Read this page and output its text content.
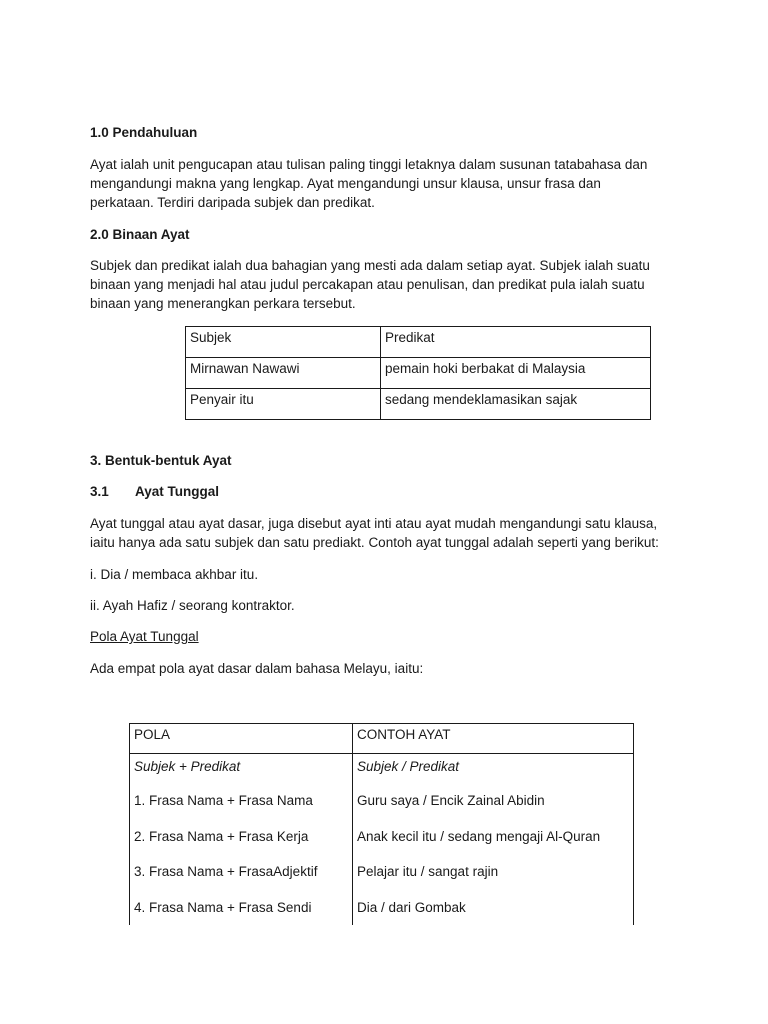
1.0 Pendahuluan
Ayat ialah unit pengucapan atau tulisan paling tinggi letaknya dalam susunan tatabahasa dan
mengandungi makna yang lengkap. Ayat mengandungi unsur klausa, unsur frasa dan
perkataan. Terdiri daripada subjek dan predikat.
2.0 Binaan Ayat
Subjek dan predikat ialah dua bahagian yang mesti ada dalam setiap ayat. Subjek ialah suatu
binaan yang menjadi hal atau judul percakapan atau penulisan, dan predikat pula ialah suatu
binaan yang menerangkan perkara tersebut.
Subjek	Predikat
Mirnawan Nawawi	pemain hoki berbakat di Malaysia
Penyair itu	sedang mendeklamasikan sajak
3. Bentuk-bentuk Ayat
3.1 Ayat Tunggal
Ayat tunggal atau ayat dasar, juga disebut ayat inti atau ayat mudah mengandungi satu klausa,
iaitu hanya ada satu subjek dan satu prediakt. Contoh ayat tunggal adalah seperti yang berikut:
i. Dia / membaca akhbar itu.
ii. Ayah Hafiz / seorang kontraktor.
Pola Ayat Tunggal
Ada empat pola ayat dasar dalam bahasa Melayu, iaitu:
POLA	CONTOH AYAT
Subjek + Predikat	Subjek / Predikat
1. Frasa Nama + Frasa Nama	Guru saya / Encik Zainal Abidin
2. Frasa Nama + Frasa Kerja	Anak kecil itu / sedang mengaji Al-Quran
3. Frasa Nama + FrasaAdjektif	Pelajar itu / sangat rajin
4. Frasa Nama + Frasa Sendi	Dia / dari Gombak
